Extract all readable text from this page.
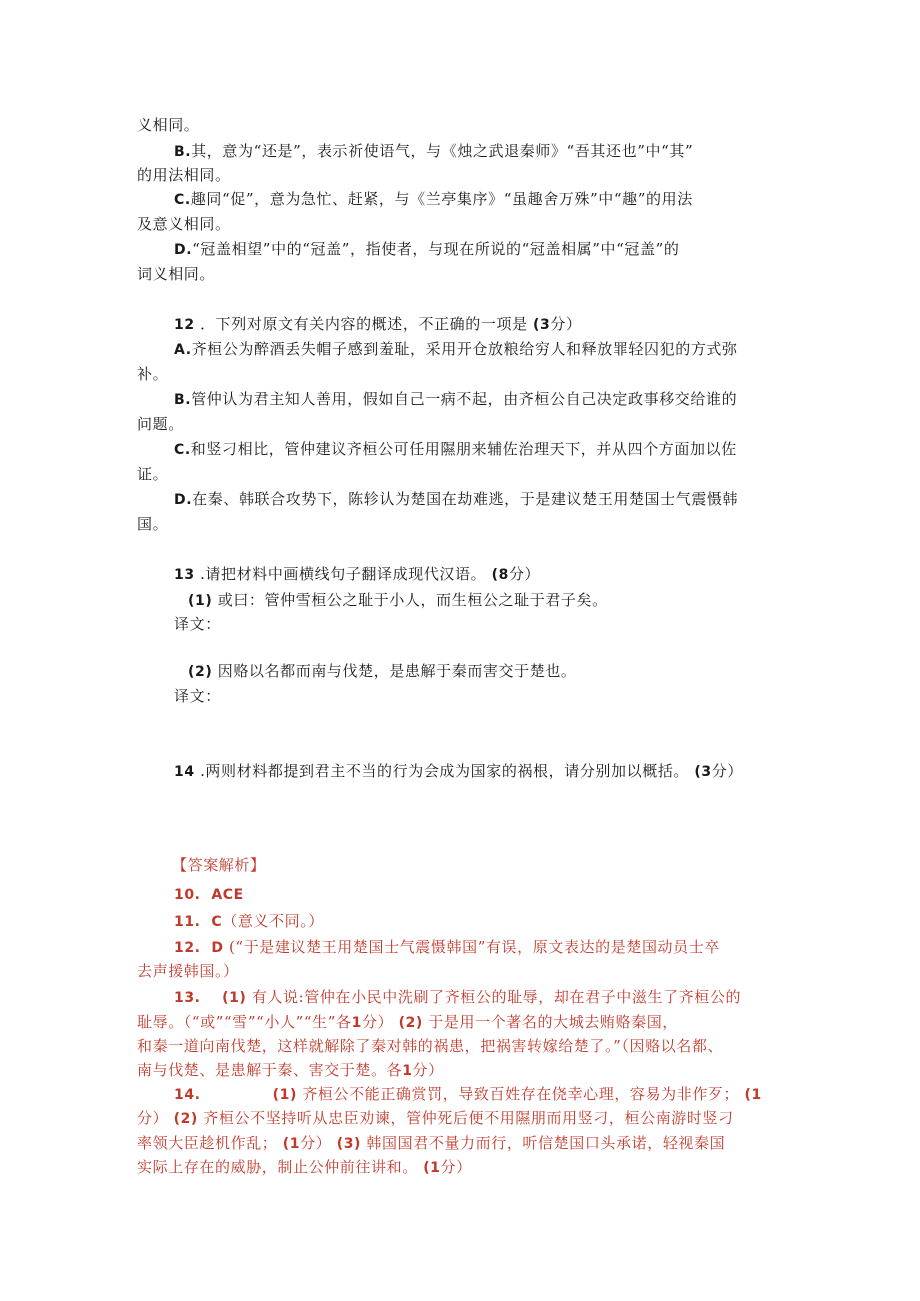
义相同。
B.其，意为“还是”，表示祈使语气，与《烛之武退秦师》“吾其还也”中“其”
的用法相同。
C.趣同“促”，意为急忙、赶紧，与《兰亭集序》“虽趣舍万殊”中“趣”的用法
及意义相同。
D.“冠盖相望”中的“冠盖”，指使者，与现在所说的“冠盖相属”中“冠盖”的
词义相同。
12 ．下列对原文有关内容的概述，不正确的一项是 (3分）
A.齐桓公为醉酒丢失帽子感到羞耻，采用开仓放粮给穷人和释放罪轻囚犯的方式弥
补。
B.管仲认为君主知人善用，假如自己一病不起，由齐桓公自己决定政事移交给谁的
问题。
C.和竖刁相比，管仲建议齐桓公可任用隰朋来辅佐治理天下，并从四个方面加以佐
证。
D.在秦、韩联合攻势下，陈轸认为楚国在劫难逃，于是建议楚王用楚国士气震慑韩
国。
13 .请把材料中画横线句子翻译成现代汉语。 (8分）
(1) 或曰：管仲雪桓公之耻于小人，而生桓公之耻于君子矣。
译文：
(2) 因赂以名都而南与伐楚，是患解于秦而害交于楚也。
译文：
14 .两则材料都提到君主不当的行为会成为国家的祸根，请分别加以概括。 (3分）
【答案解析】
10. ACE
11. C（意义不同。）
12. D (“于是建议楚王用楚国士气震慑韩国”有误，原文表达的是楚国动员士卒
去声援韩国。）
13. (1) 有人说:管仲在小民中洗刷了齐桓公的耻辱，却在君子中滋生了齐桓公的
耻辱。（“或”“雪”“小人”“生”各1分） (2) 于是用一个著名的大城去贿赂秦国，
和秦一道向南伐楚，这样就解除了秦对韩的祸患，把祸害转嫁给楚了。”（因赂以名都、
南与伐楚、是患解于秦、害交于楚。各1分）
14.	(1) 齐桓公不能正确赏罚，导致百姓存在侥幸心理，容易为非作歹； (1
分） (2) 齐桓公不坚持听从忠臣劝谏，管仲死后便不用隰朋而用竖刁，桓公南游时竖刁
率领大臣趁机作乱； (1分） (3) 韩国国君不量力而行，听信楚国口头承诺，轻视秦国
实际上存在的威胁，制止公仲前往讲和。 (1分）
